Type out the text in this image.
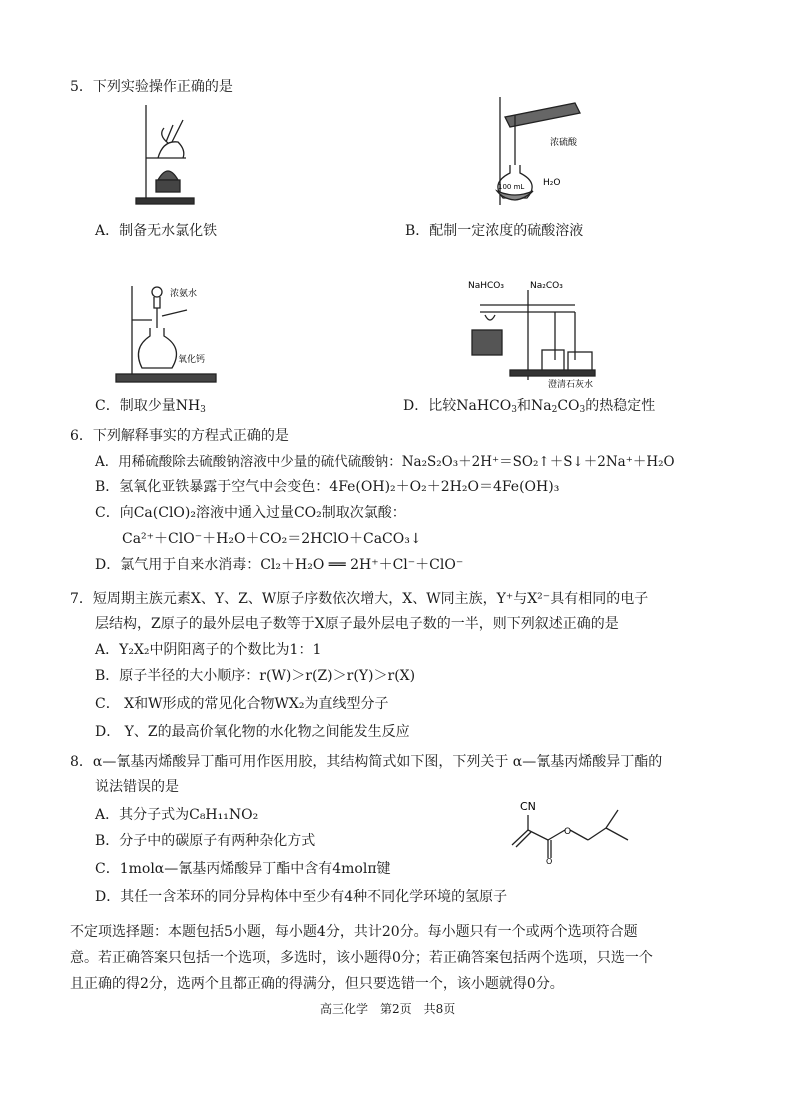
5．下列实验操作正确的是
A．制备无水氯化铁
浓硫酸
H₂O
100 mL
B．配制一定浓度的硫酸溶液
浓氨水
氧化钙
C．制取少量$NH_3$
NaHCO₃	Na₂CO₃
澄清石灰水
D．比较NaHCO$_3$和$Na_2CO_3$的热稳定性
6．下列解释事实的方程式正确的是
A．用稀硫酸除去硫酸钠溶液中少量的硫代硫酸钠：Na₂S₂O₃＋2H⁺＝SO₂↑＋S↓＋2Na⁺＋H₂O
B．氢氧化亚铁暴露于空气中会变色：4Fe(OH)₂＋O₂＋2H₂O＝4Fe(OH)₃
C．向Ca(ClO)₂溶液中通入过量CO₂制取次氯酸：
Ca²⁺＋ClO⁻＋H₂O＋CO₂＝2HClO＋CaCO₃↓
D．氯气用于自来水消毒：Cl₂＋H₂O ══ 2H⁺＋Cl⁻＋ClO⁻
7．短周期主族元素X、Y、Z、W原子序数依次增大，X、W同主族，Y⁺与X²⁻具有相同的电子
层结构，Z原子的最外层电子数等于X原子最外层电子数的一半，则下列叙述正确的是
A．Y₂X₂中阴阳离子的个数比为1：1
B．原子半径的大小顺序：r(W)＞r(Z)＞r(Y)＞r(X)
C． X和W形成的常见化合物WX₂为直线型分子
D． Y、Z的最高价氧化物的水化物之间能发生反应
8．α—氰基丙烯酸异丁酯可用作医用胶，其结构简式如下图，下列关于 α—氰基丙烯酸异丁酯的
说法错误的是
A．其分子式为C₈H₁₁NO₂
B．分子中的碳原子有两种杂化方式
C．1molα—氰基丙烯酸异丁酯中含有4molπ键
D．其任一含苯环的同分异构体中至少有4种不同化学环境的氢原子
O
O
CN
不定项选择题：本题包括5小题，每小题4分，共计20分。每小题只有一个或两个选项符合题
意。若正确答案只包括一个选项，多选时，该小题得0分；若正确答案包括两个选项，只选一个
且正确的得2分，选两个且都正确的得满分，但只要选错一个，该小题就得0分。
高三化学　第2页　共8页
